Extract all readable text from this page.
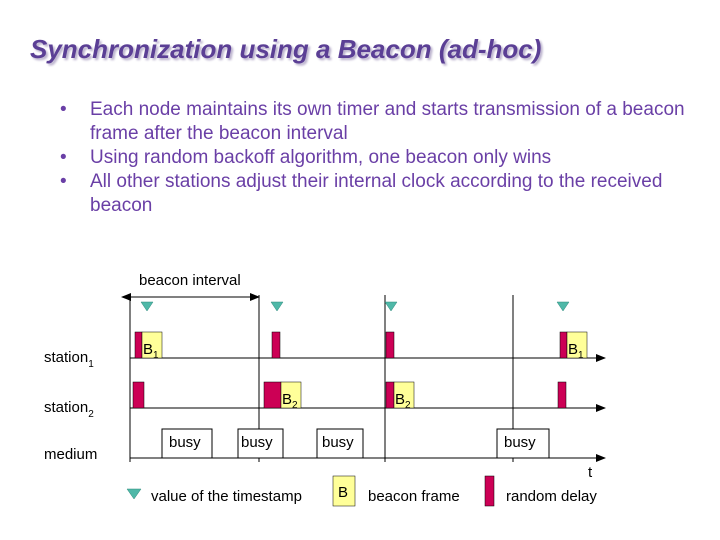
Synchronization using a Beacon (ad-hoc)
• Each node maintains its own timer and starts transmission of a beacon frame after the beacon interval
• Using random backoff algorithm, one beacon only wins
• All other stations adjust their internal clock according to the received beacon
beacon interval
station$_1$
$B_1$	$B_1$
station$_2$
$B_2$	$B_2$
medium
busy	busy	busy	busy
t
value of the timestamp B beacon frame	random delay
